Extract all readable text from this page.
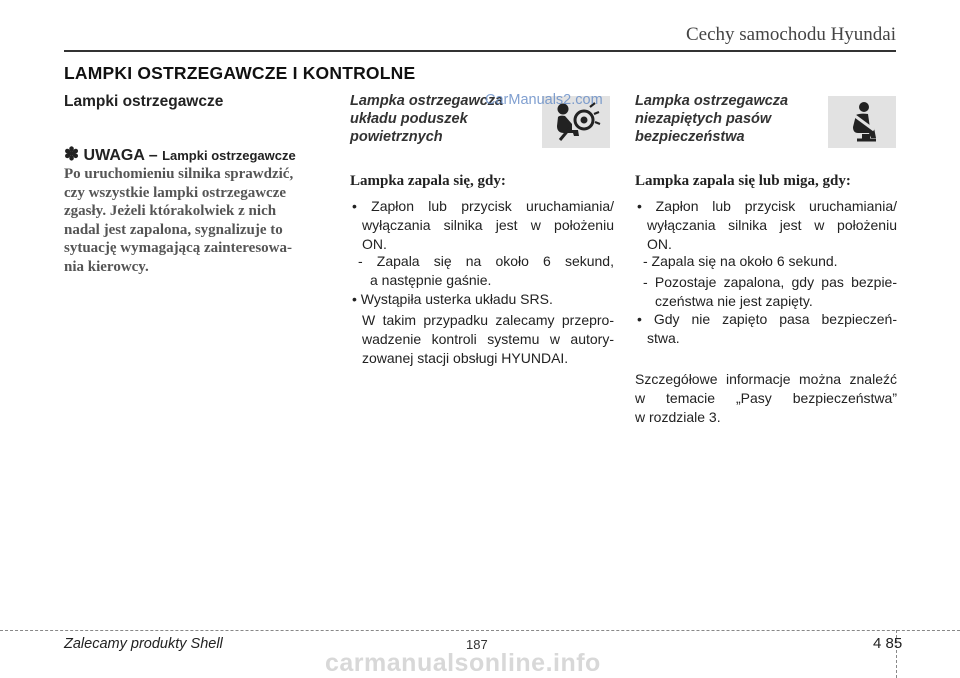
Cechy samochodu Hyundai
LAMPKI OSTRZEGAWCZE I KONTROLNE
Lampki ostrzegawcze
✽ UWAGA – Lampki ostrzegawcze
Po uruchomieniu silnika sprawdzić,
czy wszystkie lampki ostrzegawcze
zgasły. Jeżeli którakolwiek z nich
nadal jest zapalona, sygnalizuje to
sytuację wymagającą zainteresowa-
nia kierowcy.
Lampka ostrzegawcza
układu poduszek
powietrznych
Lampka zapala się, gdy:
• Zapłon lub przycisk uruchamiania/
wyłączania silnika jest w położeniu
ON.
- Zapala się na około 6 sekund,
a następnie gaśnie.
• Wystąpiła usterka układu SRS.
W takim przypadku zalecamy przepro-
wadzenie kontroli systemu w autory-
zowanej stacji obsługi HYUNDAI.
Lampka ostrzegawcza
niezapiętych pasów
bezpieczeństwa
Lampka zapala się lub miga, gdy:
• Zapłon lub przycisk uruchamiania/
wyłączania silnika jest w położeniu
ON.
- Zapala się na około 6 sekund.
- Pozostaje zapalona, gdy pas bezpie-
czeństwa nie jest zapięty.
• Gdy nie zapięto pasa bezpieczeń-
stwa.
Szczegółowe informacje można znaleźć
w temacie „Pasy bezpieczeństwa”
w rozdziale 3.
CarManuals2.com
Zalecamy produkty Shell	187	4 85
carmanualsonline.info
